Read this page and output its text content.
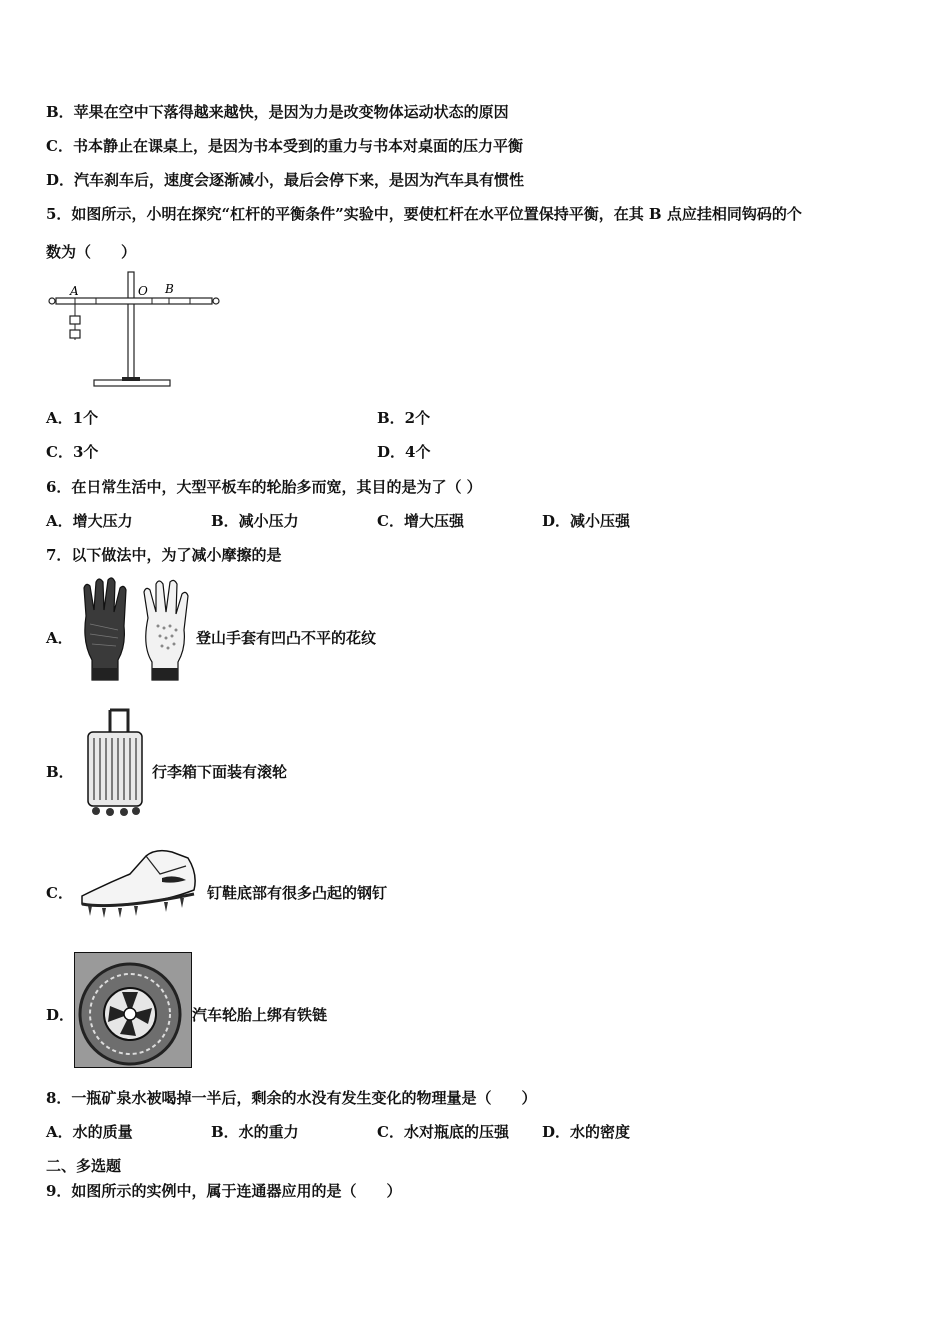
B．苹果在空中下落得越来越快，是因为力是改变物体运动状态的原因
C．书本静止在课桌上，是因为书本受到的重力与书本对桌面的压力平衡
D．汽车刹车后，速度会逐渐减小，最后会停下来，是因为汽车具有惯性
5．如图所示，小明在探究“杠杆的平衡条件”实验中，要使杠杆在水平位置保持平衡，在其 B 点应挂相同钩码的个
数为（　　）
A	O B
A．1个	B．2个
C．3个	D．4个
6．在日常生活中，大型平板车的轮胎多而宽，其目的是为了（ ）
A．增大压力	B．减小压力	C．增大压强	D．减小压强
7．以下做法中，为了减小摩擦的是
A．	登山手套有凹凸不平的花纹
B．	行李箱下面装有滚轮
C．	钉鞋底部有很多凸起的钢钉
D．	汽车轮胎上绑有铁链
8．一瓶矿泉水被喝掉一半后，剩余的水没有发生变化的物理量是（　　）
A．水的质量	B．水的重力	C．水对瓶底的压强 D．水的密度
二、多选题
9．如图所示的实例中，属于连通器应用的是（　　）
